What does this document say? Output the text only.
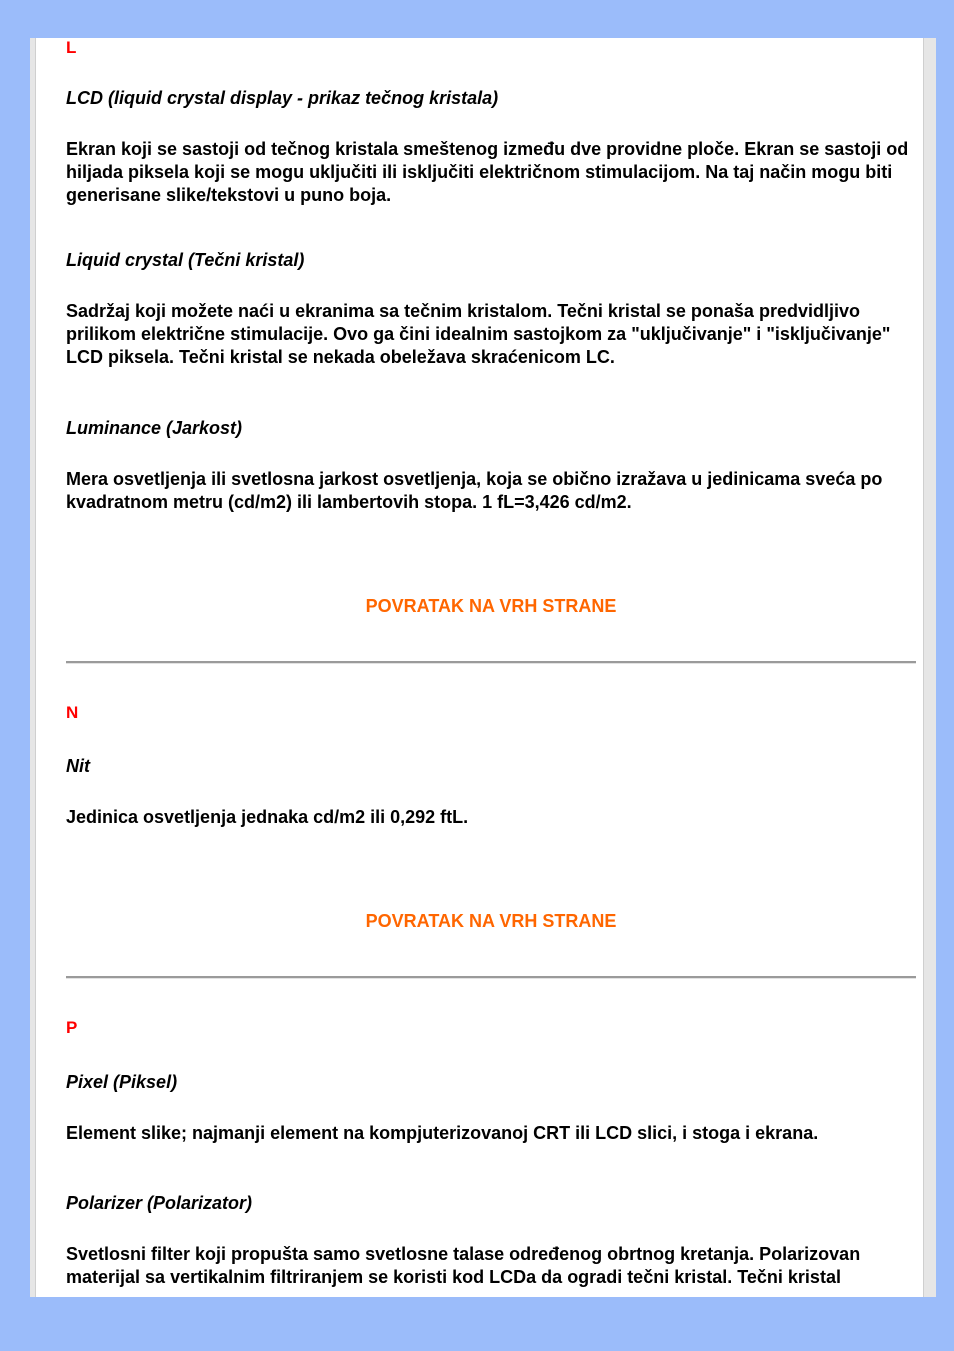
L

LCD (liquid crystal display - prikaz tečnog kristala)

Ekran koji se sastoji od tečnog kristala smeštenog između dve providne ploče. Ekran se sastoji od hiljada piksela koji se mogu uključiti ili isključiti električnom stimulacijom. Na taj način mogu biti generisane slike/tekstovi u puno boja.

Liquid crystal (Tečni kristal)

Sadržaj koji možete naći u ekranima sa tečnim kristalom. Tečni kristal se ponaša predvidljivo prilikom električne stimulacije. Ovo ga čini idealnim sastojkom za "uključivanje" i "isključivanje" LCD piksela. Tečni kristal se nekada obeležava skraćenicom LC.

Luminance (Jarkost)

Mera osvetljenja ili svetlosna jarkost osvetljenja, koja se obično izražava u jedinicama sveća po kvadratnom metru (cd/m2) ili lambertovih stopa. 1 fL=3,426 cd/m2.

POVRATAK NA VRH STRANE

N

Nit

Jedinica osvetljenja jednaka cd/m2 ili 0,292 ftL.

POVRATAK NA VRH STRANE

P

Pixel (Piksel)

Element slike; najmanji element na kompjuterizovanoj CRT ili LCD slici, i stoga i ekrana.

Polarizer (Polarizator)

Svetlosni filter koji propušta samo svetlosne talase određenog obrtnog kretanja. Polarizovan materijal sa vertikalnim filtriranjem se koristi kod LCDa da ogradi tečni kristal. Tečni kristal
